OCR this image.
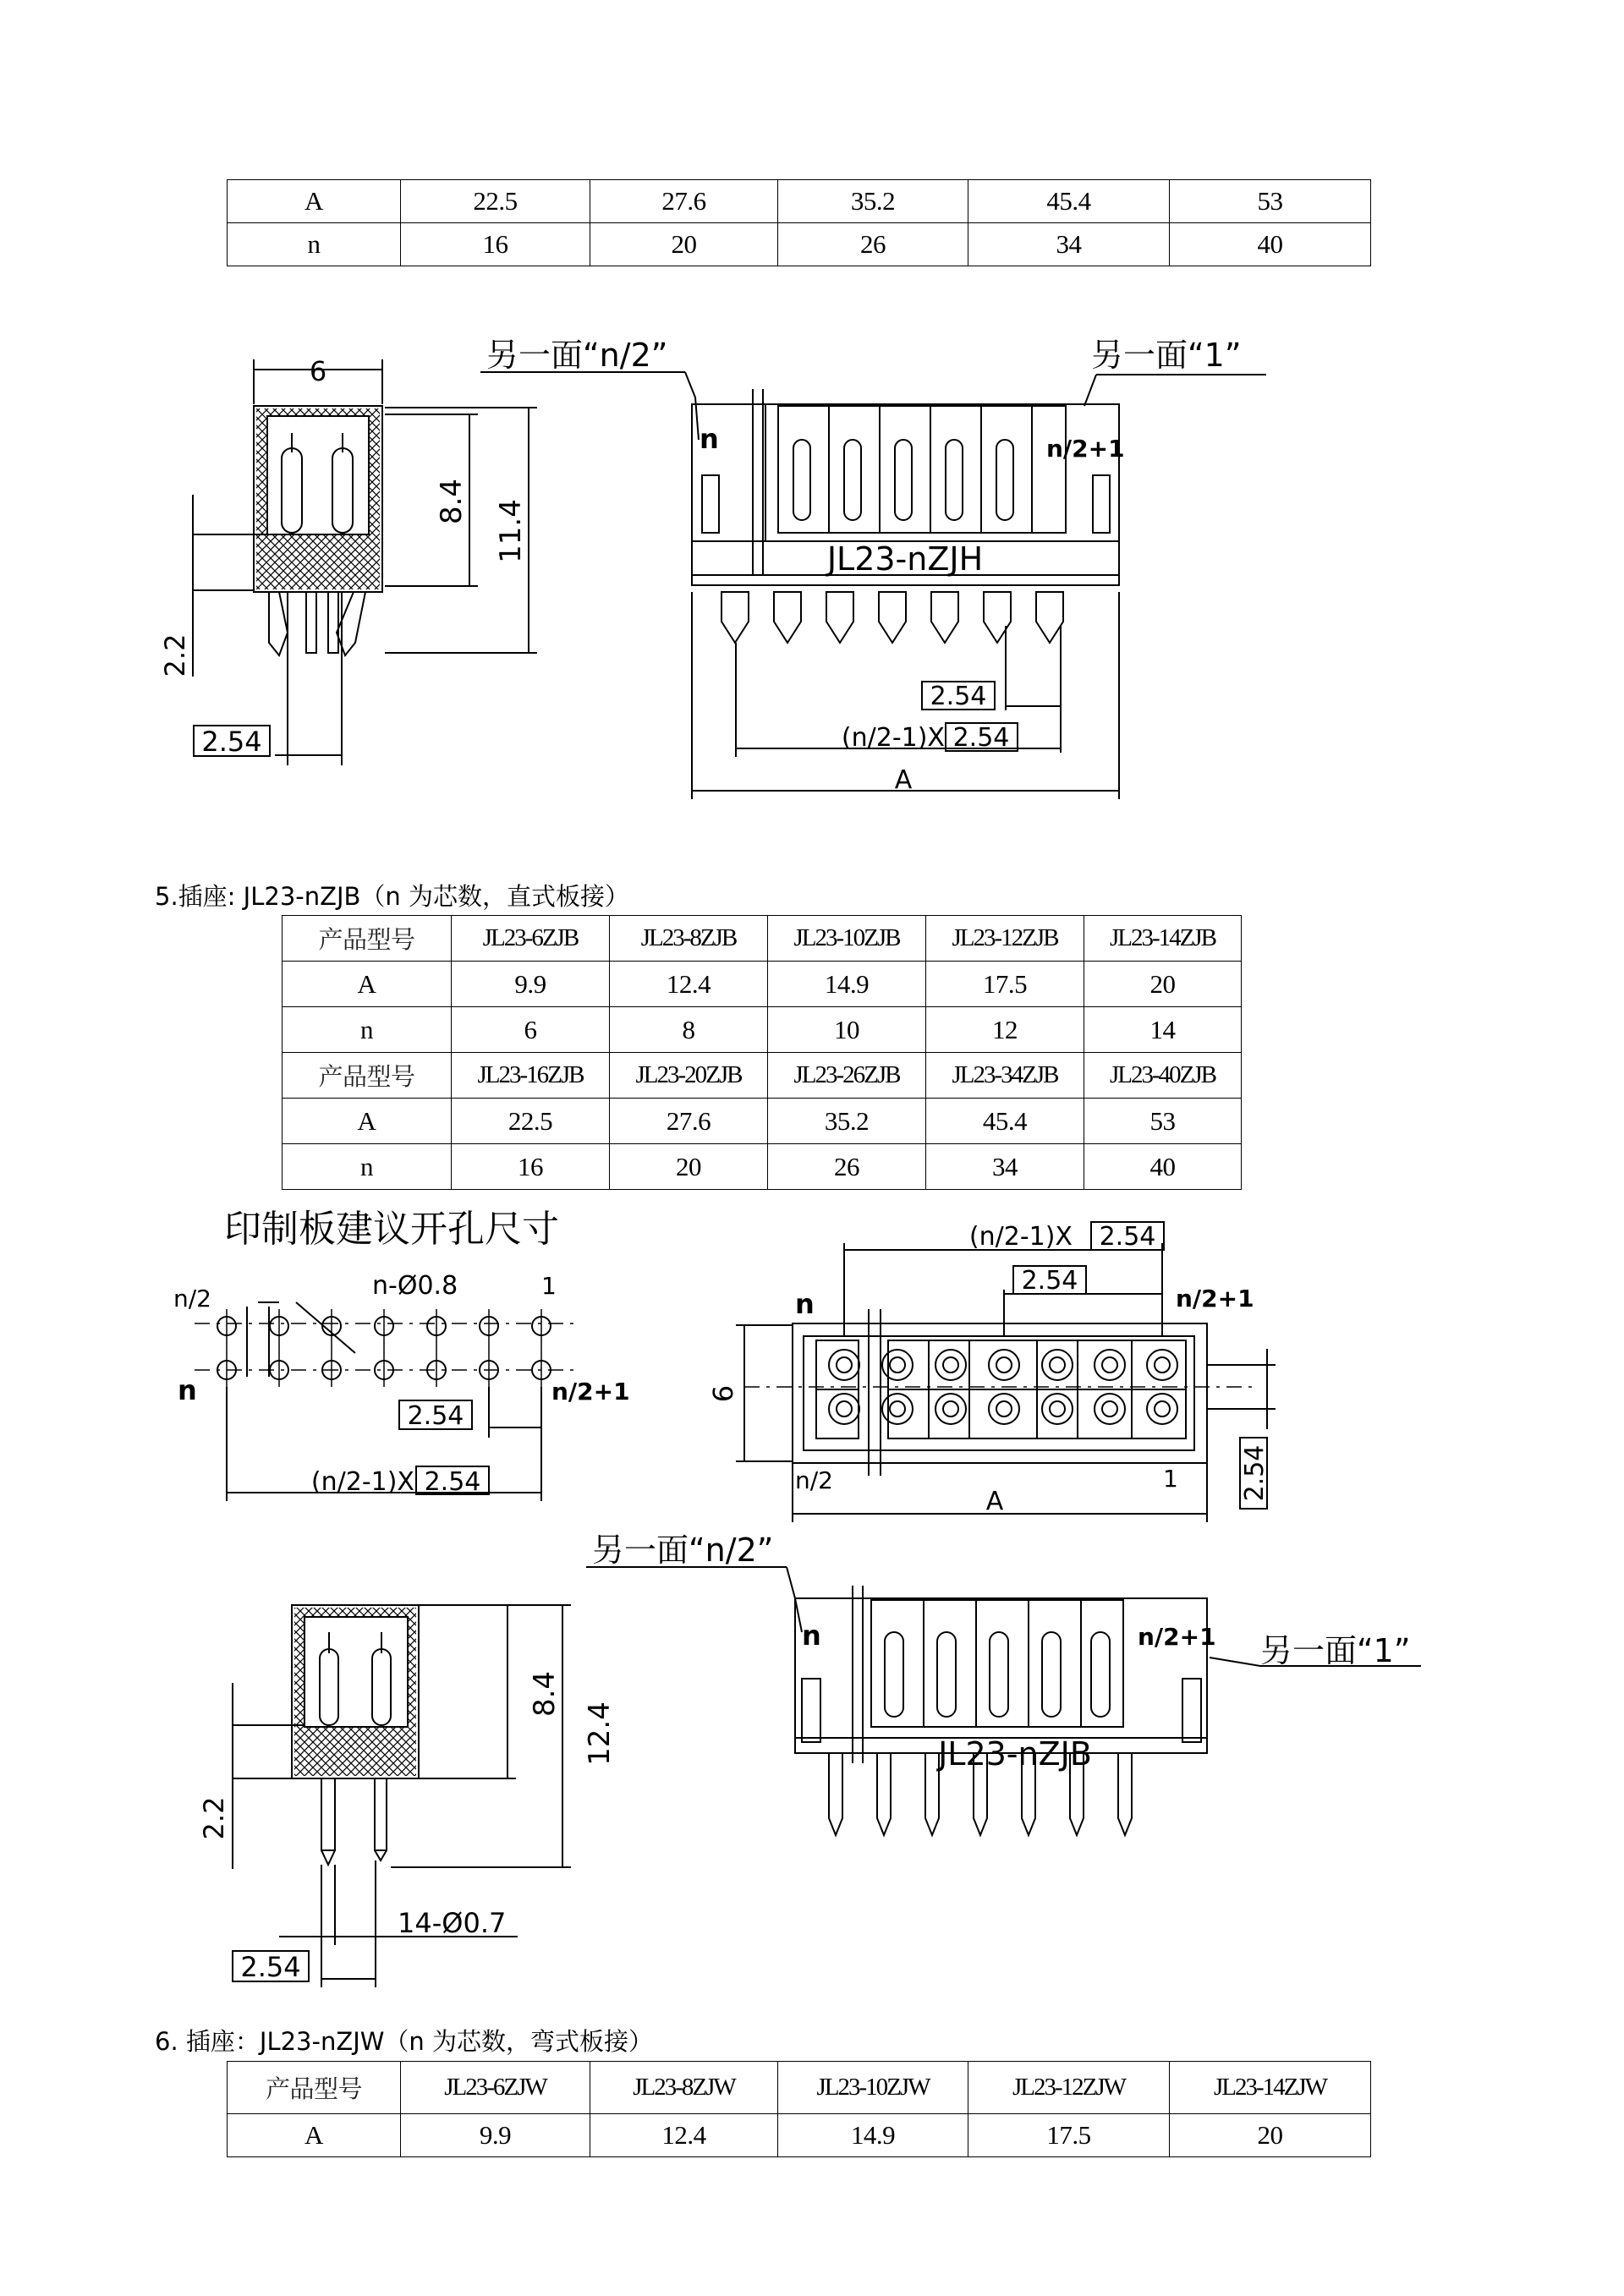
A	22.5	27.6	35.2	45.4	53
n	16	20	26	34	40
6
8.4 11.4
2.2
2.54
另一面“n/2”	另一面“1”
n	n/2+1
JL23-nZJH
2.54
(n/2-1)X 2.54
A
5.插座: JL23-nZJB（n 为芯数，直式板接）
产品型号	JL23-6ZJB	JL23-8ZJB	JL23-10ZJB	JL23-12ZJB	JL23-14ZJB
A	9.9	12.4	14.9	17.5	20
n	6	8	10	12	14
产品型号	JL23-16ZJB	JL23-20ZJB	JL23-26ZJB	JL23-34ZJB	JL23-40ZJB
A	22.5	27.6	35.2	45.4	53
n	16	20	26	34	40
印制板建议开孔尺寸
n/2	n-Ø0.8	1
n	n/2+1
2.54
(n/2-1)X 2.54
(n/2-1)X 2.54
2.54
n	n/2+1
n/2	1
6
A
2.54
8.4
12.4
2.2
14-Ø0.7
2.54
另一面“n/2”
另一面“1”
n	n/2+1
JL23-nZJB
6. 插座：JL23-nZJW（n 为芯数，弯式板接）
产品型号	JL23-6ZJW	JL23-8ZJW	JL23-10ZJW	JL23-12ZJW	JL23-14ZJW
A	9.9	12.4	14.9	17.5	20
